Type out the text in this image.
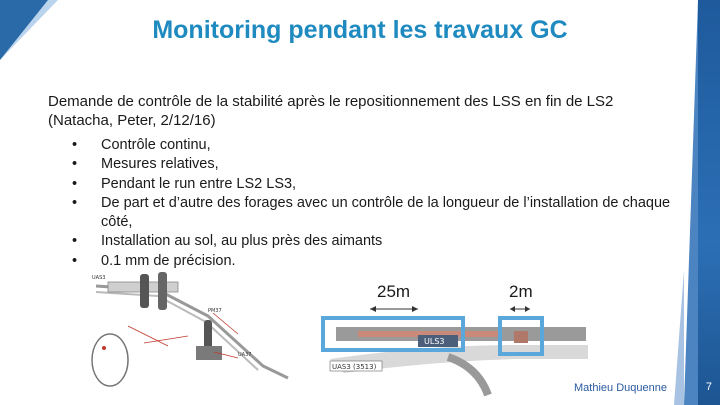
Monitoring pendant les travaux GC
Demande de contrôle de la stabilité après le repositionnement des LSS en fin de LS2 (Natacha, Peter, 2/12/16)
• Contrôle continu,
• Mesures relatives,
• Pendant le run entre LS2 LS3,
• De part et d’autre des forages avec un contrôle de la longueur de l’installation de chaque côté,
• Installation au sol, au plus près des aimants
• 0.1 mm de précision.
UAS3
PM37
UA37
ULS3
UAS3 (3513)
25m	2m
Mathieu Duquenne	7
